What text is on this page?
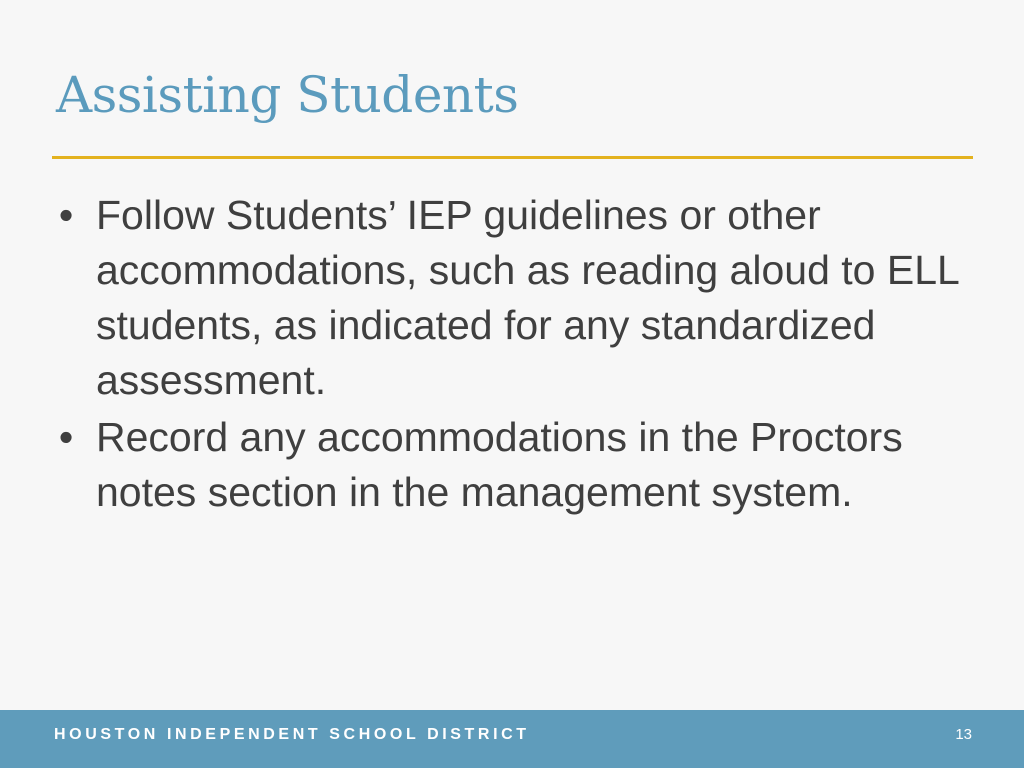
Assisting Students
• Follow Students’ IEP guidelines or other accommodations, such as reading aloud to ELL students, as indicated for any standardized assessment.
• Record any accommodations in the Proctors notes section in the management system.
HOUSTON INDEPENDENT SCHOOL DISTRICT	13
